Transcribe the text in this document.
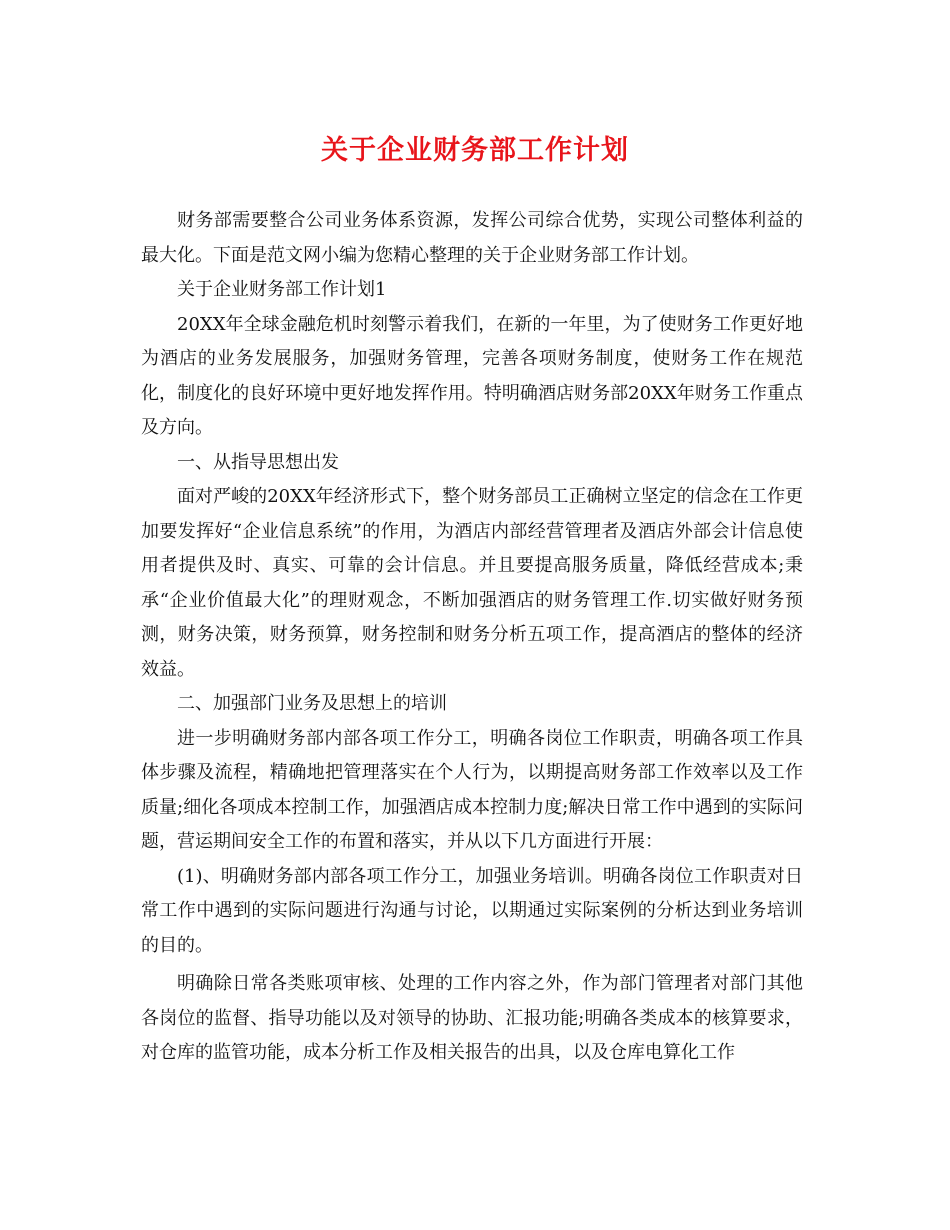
关于企业财务部工作计划

财务部需要整合公司业务体系资源，发挥公司综合优势，实现公司整体利益的最大化。下面是范文网小编为您精心整理的关于企业财务部工作计划。

关于企业财务部工作计划1

20XX年全球金融危机时刻警示着我们，在新的一年里，为了使财务工作更好地为酒店的业务发展服务，加强财务管理，完善各项财务制度，使财务工作在规范化，制度化的良好环境中更好地发挥作用。特明确酒店财务部20XX年财务工作重点及方向。

一、从指导思想出发

面对严峻的20XX年经济形式下，整个财务部员工正确树立坚定的信念在工作更加要发挥好“企业信息系统”的作用，为酒店内部经营管理者及酒店外部会计信息使用者提供及时、真实、可靠的会计信息。并且要提高服务质量，降低经营成本;秉承“企业价值最大化”的理财观念，不断加强酒店的财务管理工作.切实做好财务预测，财务决策，财务预算，财务控制和财务分析五项工作，提高酒店的整体的经济效益。

二、加强部门业务及思想上的培训

进一步明确财务部内部各项工作分工，明确各岗位工作职责，明确各项工作具体步骤及流程，精确地把管理落实在个人行为，以期提高财务部工作效率以及工作质量;细化各项成本控制工作，加强酒店成本控制力度;解决日常工作中遇到的实际问题，营运期间安全工作的布置和落实，并从以下几方面进行开展：

(1)、明确财务部内部各项工作分工，加强业务培训。明确各岗位工作职责对日常工作中遇到的实际问题进行沟通与讨论，以期通过实际案例的分析达到业务培训的目的。

明确除日常各类账项审核、处理的工作内容之外，作为部门管理者对部门其他各岗位的监督、指导功能以及对领导的协助、汇报功能;明确各类成本的核算要求，对仓库的监管功能，成本分析工作及相关报告的出具，以及仓库电算化工作
